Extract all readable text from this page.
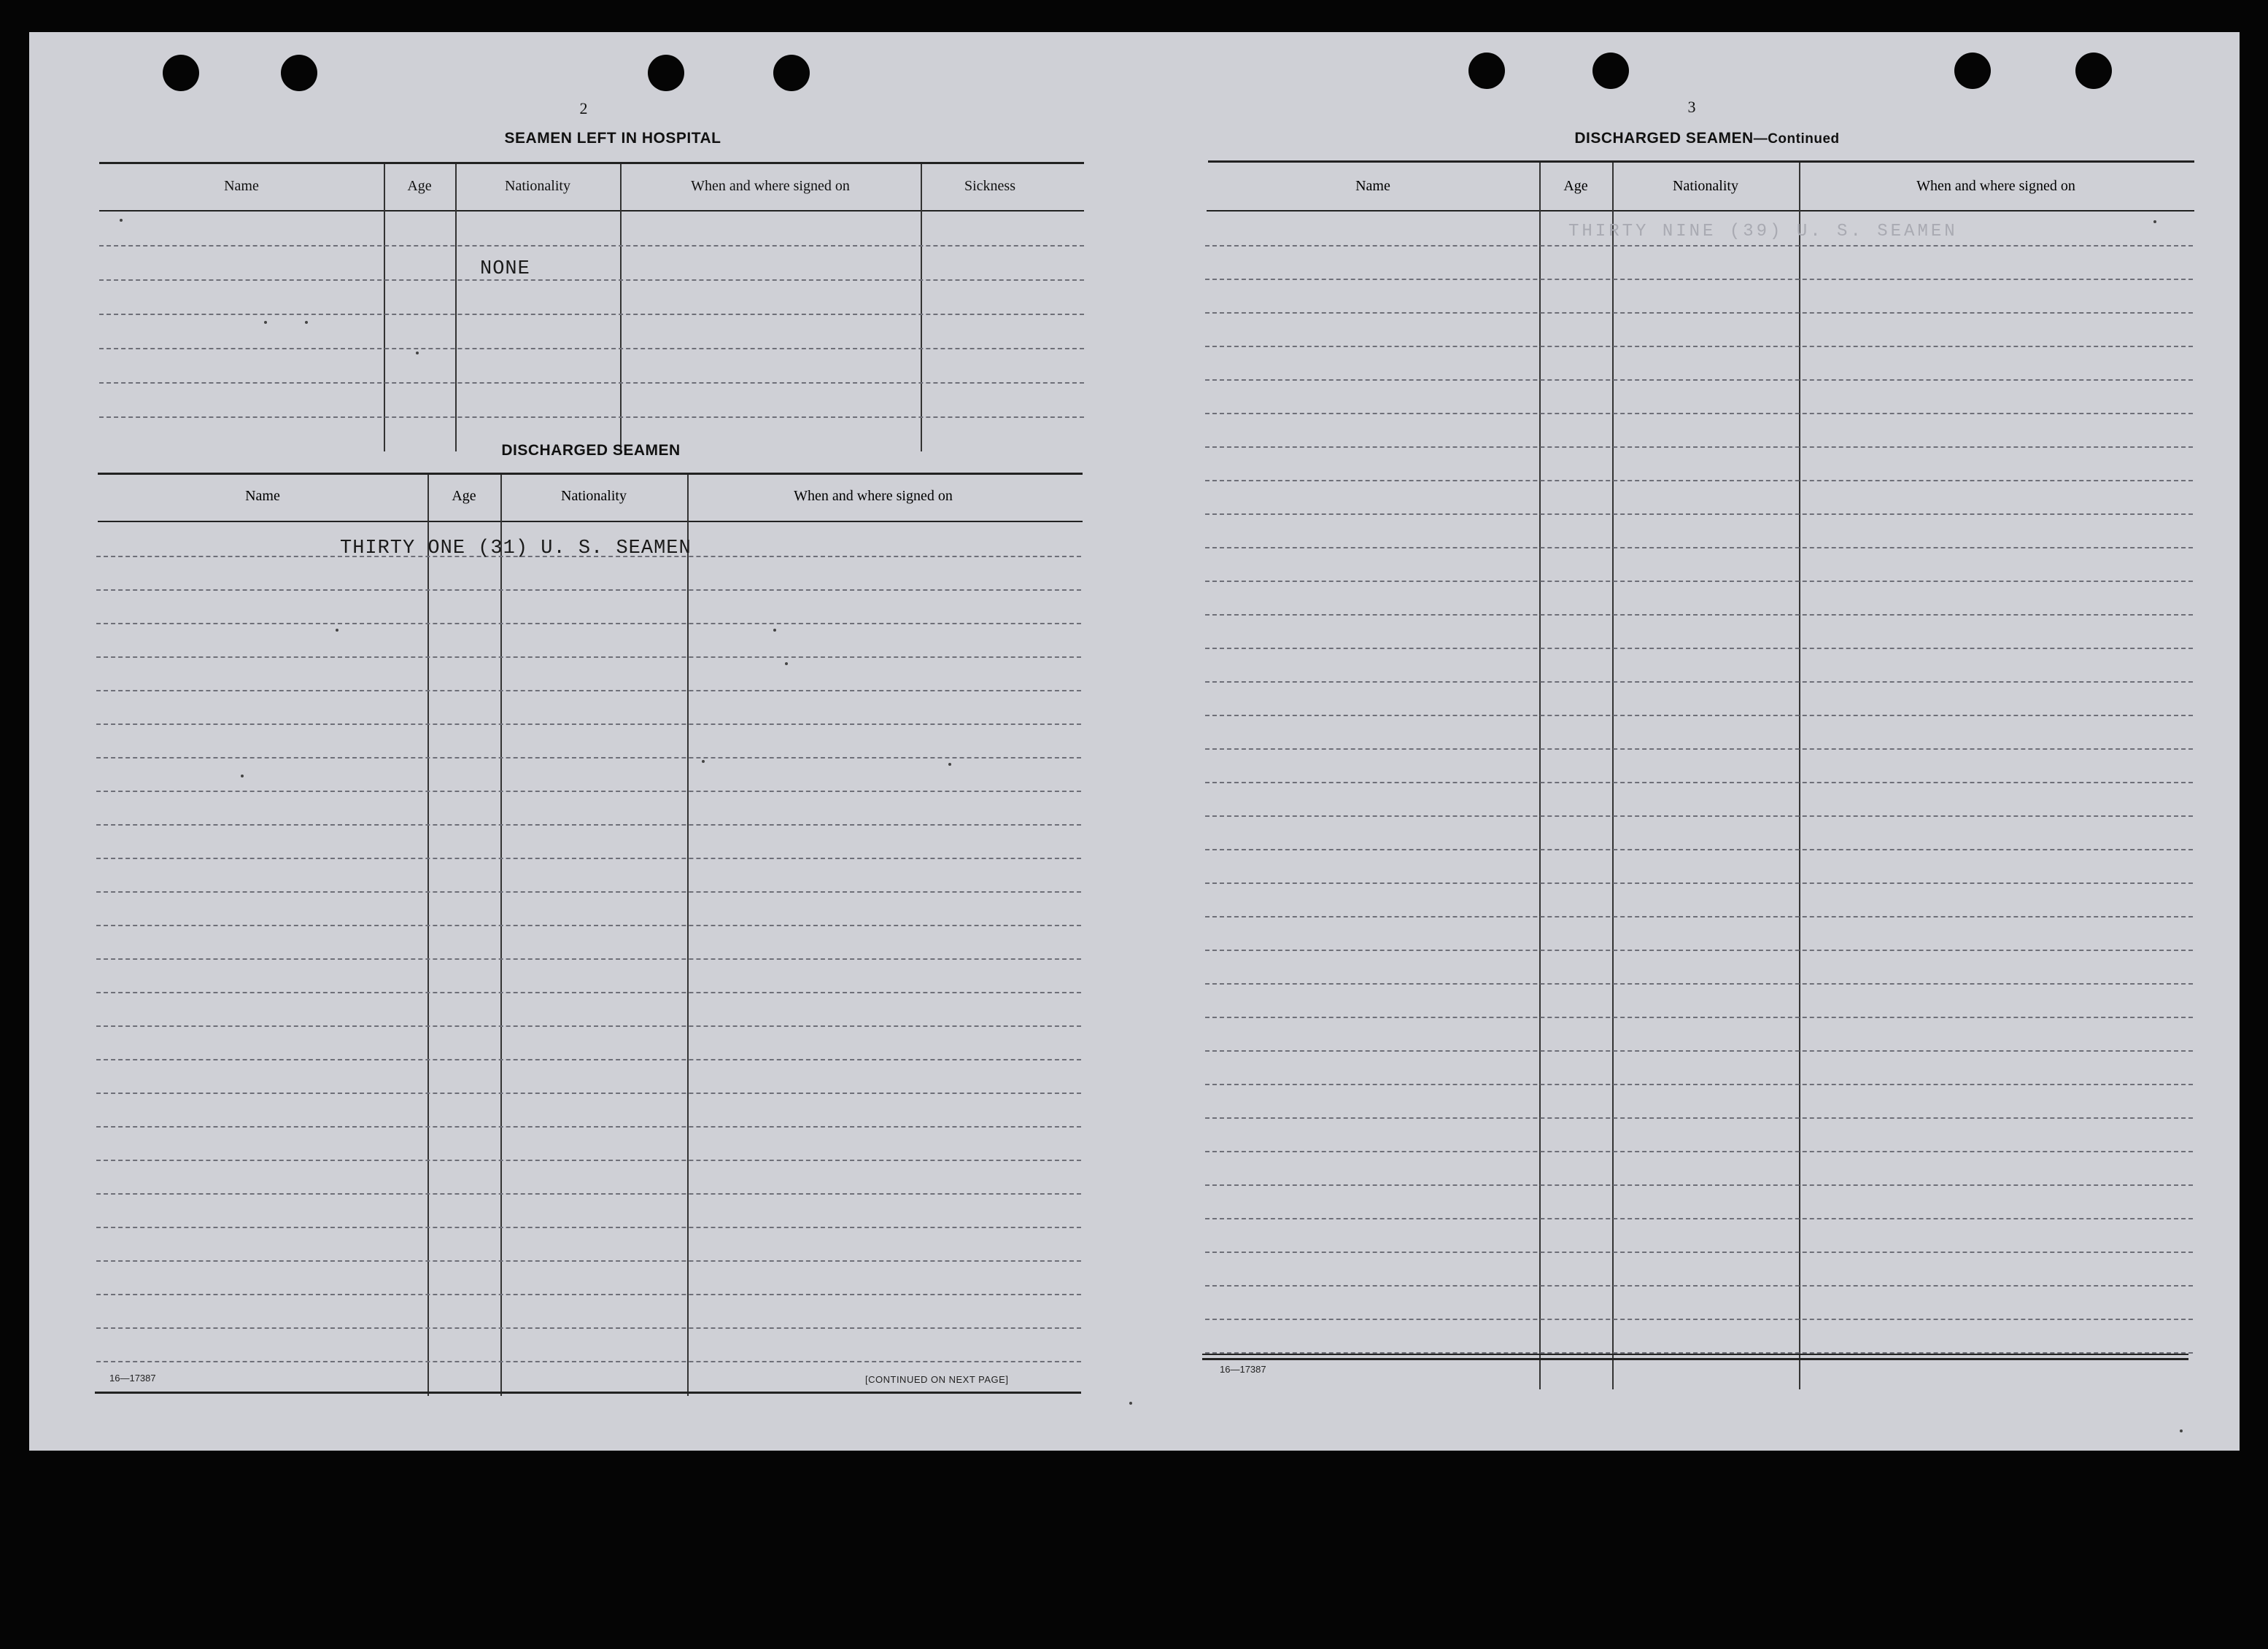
2
SEAMEN LEFT IN HOSPITAL
Name	Age	Nationality	When and where signed on	Sickness
NONE
DISCHARGED SEAMEN
Name	Age	Nationality	When and where signed on
THIRTY ONE (31) U. S. SEAMEN
16—17387	[CONTINUED ON NEXT PAGE]
3
DISCHARGED SEAMEN—Continued
Name	Age	Nationality	When and where signed on
THIRTY NINE (39) U. S. SEAMEN
16—17387
